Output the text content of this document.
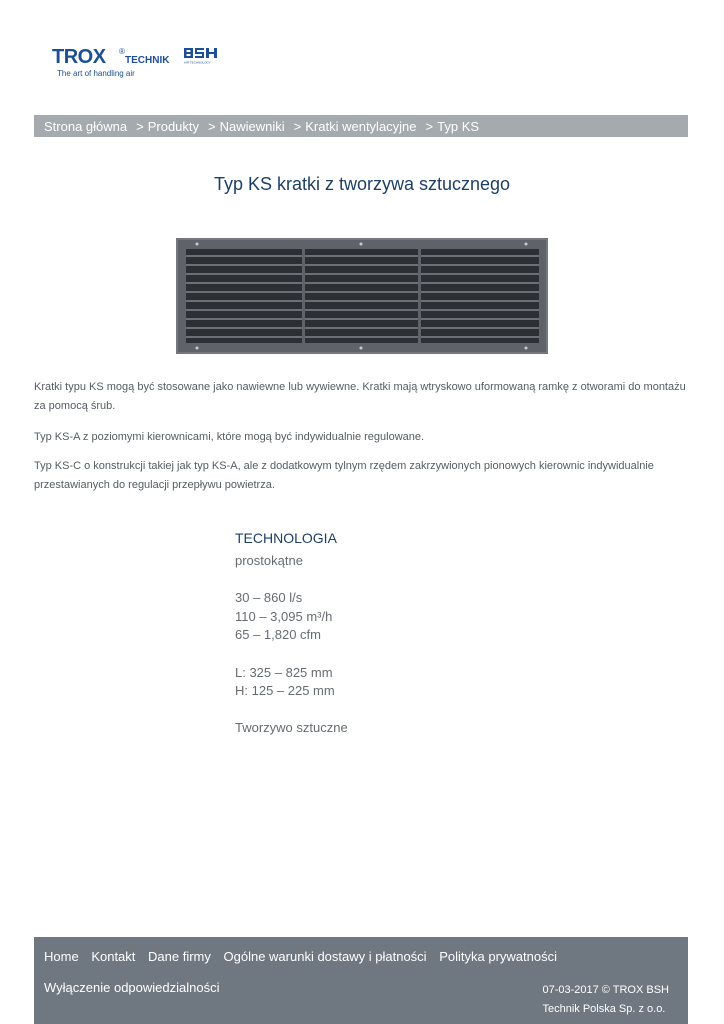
TROX ®
TECHNIK
The art of handling air
AIR TECHNOLOGY
Strona główna > Produkty > Nawiewniki > Kratki wentylacyjne > Typ KS
Typ KS kratki z tworzywa sztucznego

Kratki typu KS mogą być stosowane jako nawiewne lub wywiewne. Kratki mają wtryskowo uformowaną ramkę z otworami do montażu za pomocą śrub.

Typ KS-A z poziomymi kierownicami, które mogą być indywidualnie regulowane.

Typ KS-C o konstrukcji takiej jak typ KS-A, ale z dodatkowym tylnym rzędem zakrzywionych pionowych kierownic indywidualnie przestawianych do regulacji przepływu powietrza.

TECHNOLOGIA
prostokątne
30 – 860 l/s
110 – 3,095 m³/h
65 – 1,820 cfm
L: 325 – 825 mm
H: 125 – 225 mm
Tworzywo sztuczne
Home Kontakt Dane firmy Ogólne warunki dostawy i płatności Polityka prywatności
Wyłączenie odpowiedzialności	07-03-2017 © TROX BSH
Technik Polska Sp. z o.o.
